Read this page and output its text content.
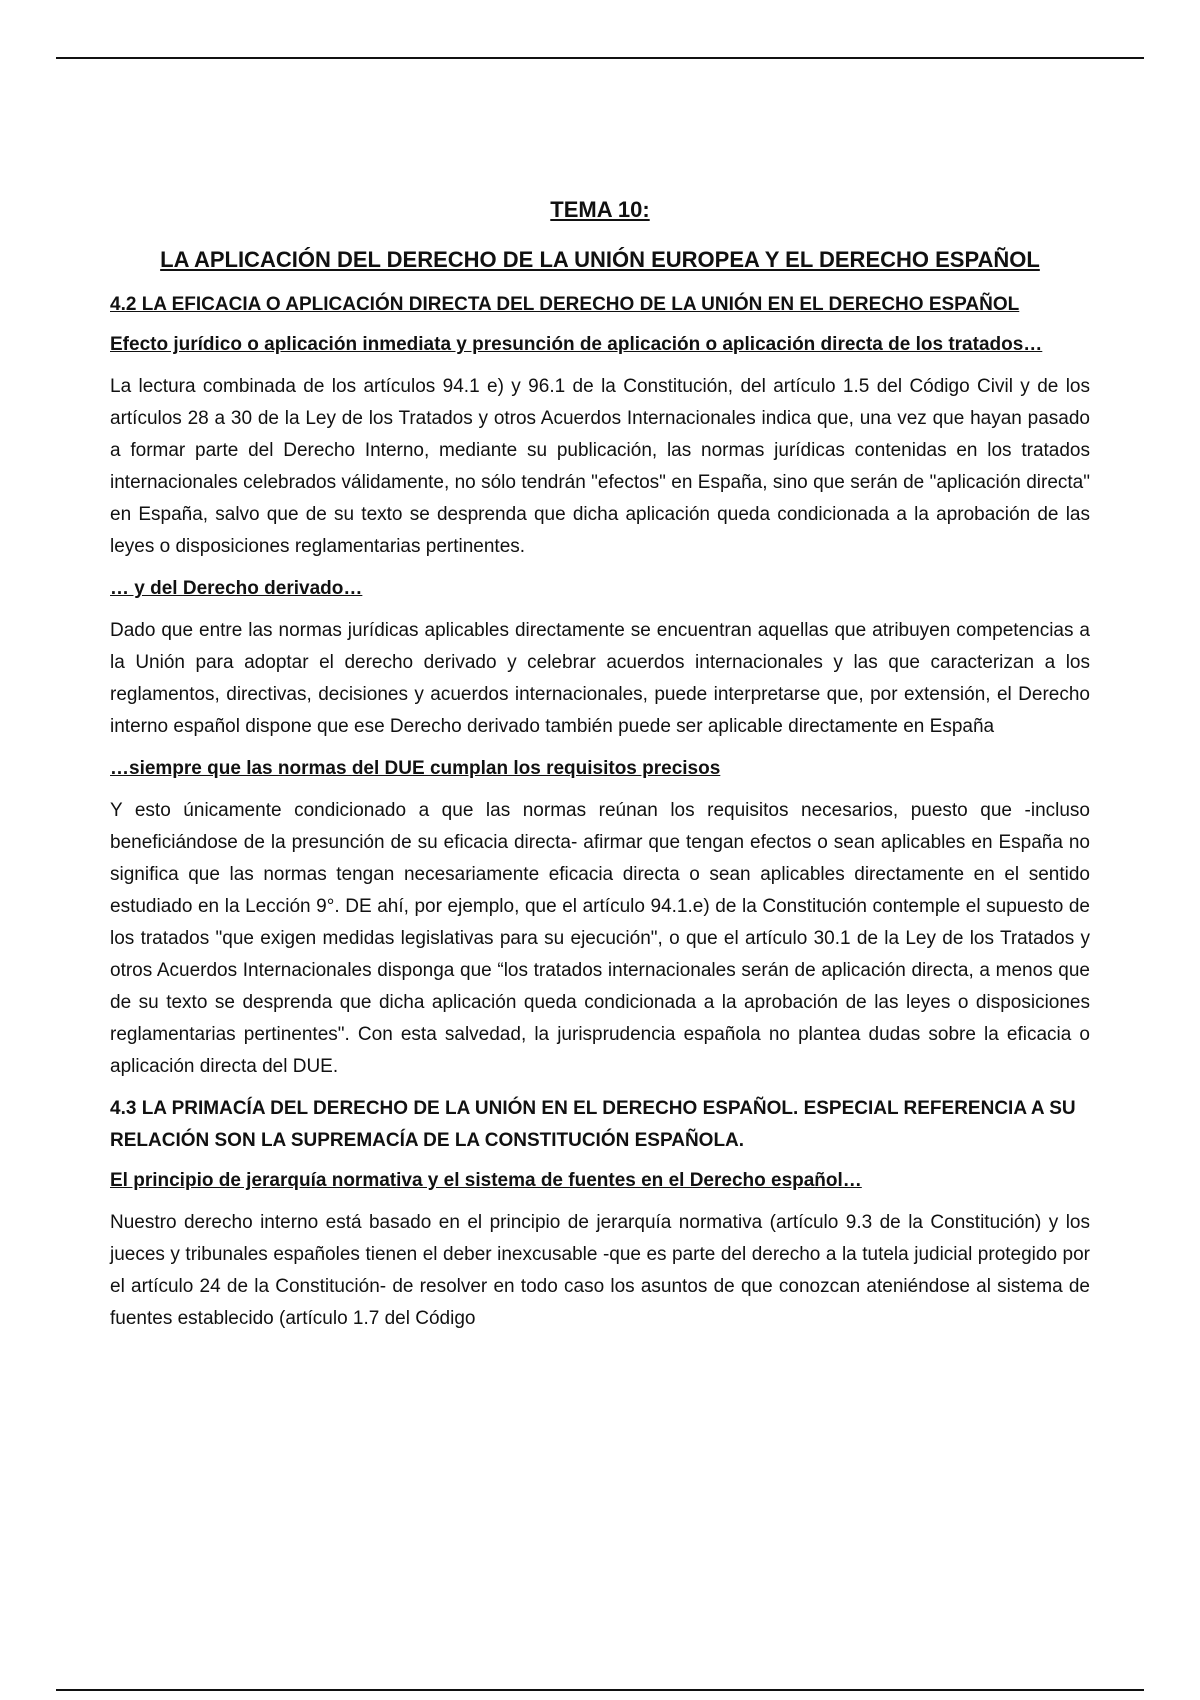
TEMA 10:

LA APLICACIÓN DEL DERECHO DE LA UNIÓN EUROPEA Y EL DERECHO ESPAÑOL

4.2 LA EFICACIA O APLICACIÓN DIRECTA DEL DERECHO DE LA UNIÓN EN EL DERECHO ESPAÑOL

Efecto jurídico o aplicación inmediata y presunción de aplicación o aplicación directa de los tratados…

La lectura combinada de los artículos 94.1 e) y 96.1 de la Constitución, del artículo 1.5 del Código Civil y de los artículos 28 a 30 de la Ley de los Tratados y otros Acuerdos Internacionales indica que, una vez que hayan pasado a formar parte del Derecho Interno, mediante su publicación, las normas jurídicas contenidas en los tratados internacionales celebrados válidamente, no sólo tendrán "efectos" en España, sino que serán de "aplicación directa" en España, salvo que de su texto se desprenda que dicha aplicación queda condicionada a la aprobación de las leyes o disposiciones reglamentarias pertinentes.

… y del Derecho derivado…

Dado que entre las normas jurídicas aplicables directamente se encuentran aquellas que atribuyen competencias a la Unión para adoptar el derecho derivado y celebrar acuerdos internacionales y las que caracterizan a los reglamentos, directivas, decisiones y acuerdos internacionales, puede interpretarse que, por extensión, el Derecho interno español dispone que ese Derecho derivado también puede ser aplicable directamente en España

…siempre que las normas del DUE cumplan los requisitos precisos

Y esto únicamente condicionado a que las normas reúnan los requisitos necesarios, puesto que -incluso beneficiándose de la presunción de su eficacia directa- afirmar que tengan efectos o sean aplicables en España no significa que las normas tengan necesariamente eficacia directa o sean aplicables directamente en el sentido estudiado en la Lección 9°. DE ahí, por ejemplo, que el artículo 94.1.e) de la Constitución contemple el supuesto de los tratados "que exigen medidas legislativas para su ejecución", o que el artículo 30.1 de la Ley de los Tratados y otros Acuerdos Internacionales disponga que “los tratados internacionales serán de aplicación directa, a menos que de su texto se desprenda que dicha aplicación queda condicionada a la aprobación de las leyes o disposiciones reglamentarias pertinentes". Con esta salvedad, la jurisprudencia española no plantea dudas sobre la eficacia o aplicación directa del DUE.

4.3 LA PRIMACÍA DEL DERECHO DE LA UNIÓN EN EL DERECHO ESPAÑOL. ESPECIAL REFERENCIA A SU RELACIÓN SON LA SUPREMACÍA DE LA CONSTITUCIÓN ESPAÑOLA.

El principio de jerarquía normativa y el sistema de fuentes en el Derecho español…

Nuestro derecho interno está basado en el principio de jerarquía normativa (artículo 9.3 de la Constitución) y los jueces y tribunales españoles tienen el deber inexcusable -que es parte del derecho a la tutela judicial protegido por el artículo 24 de la Constitución- de resolver en todo caso los asuntos de que conozcan ateniéndose al sistema de fuentes establecido (artículo 1.7 del Código
